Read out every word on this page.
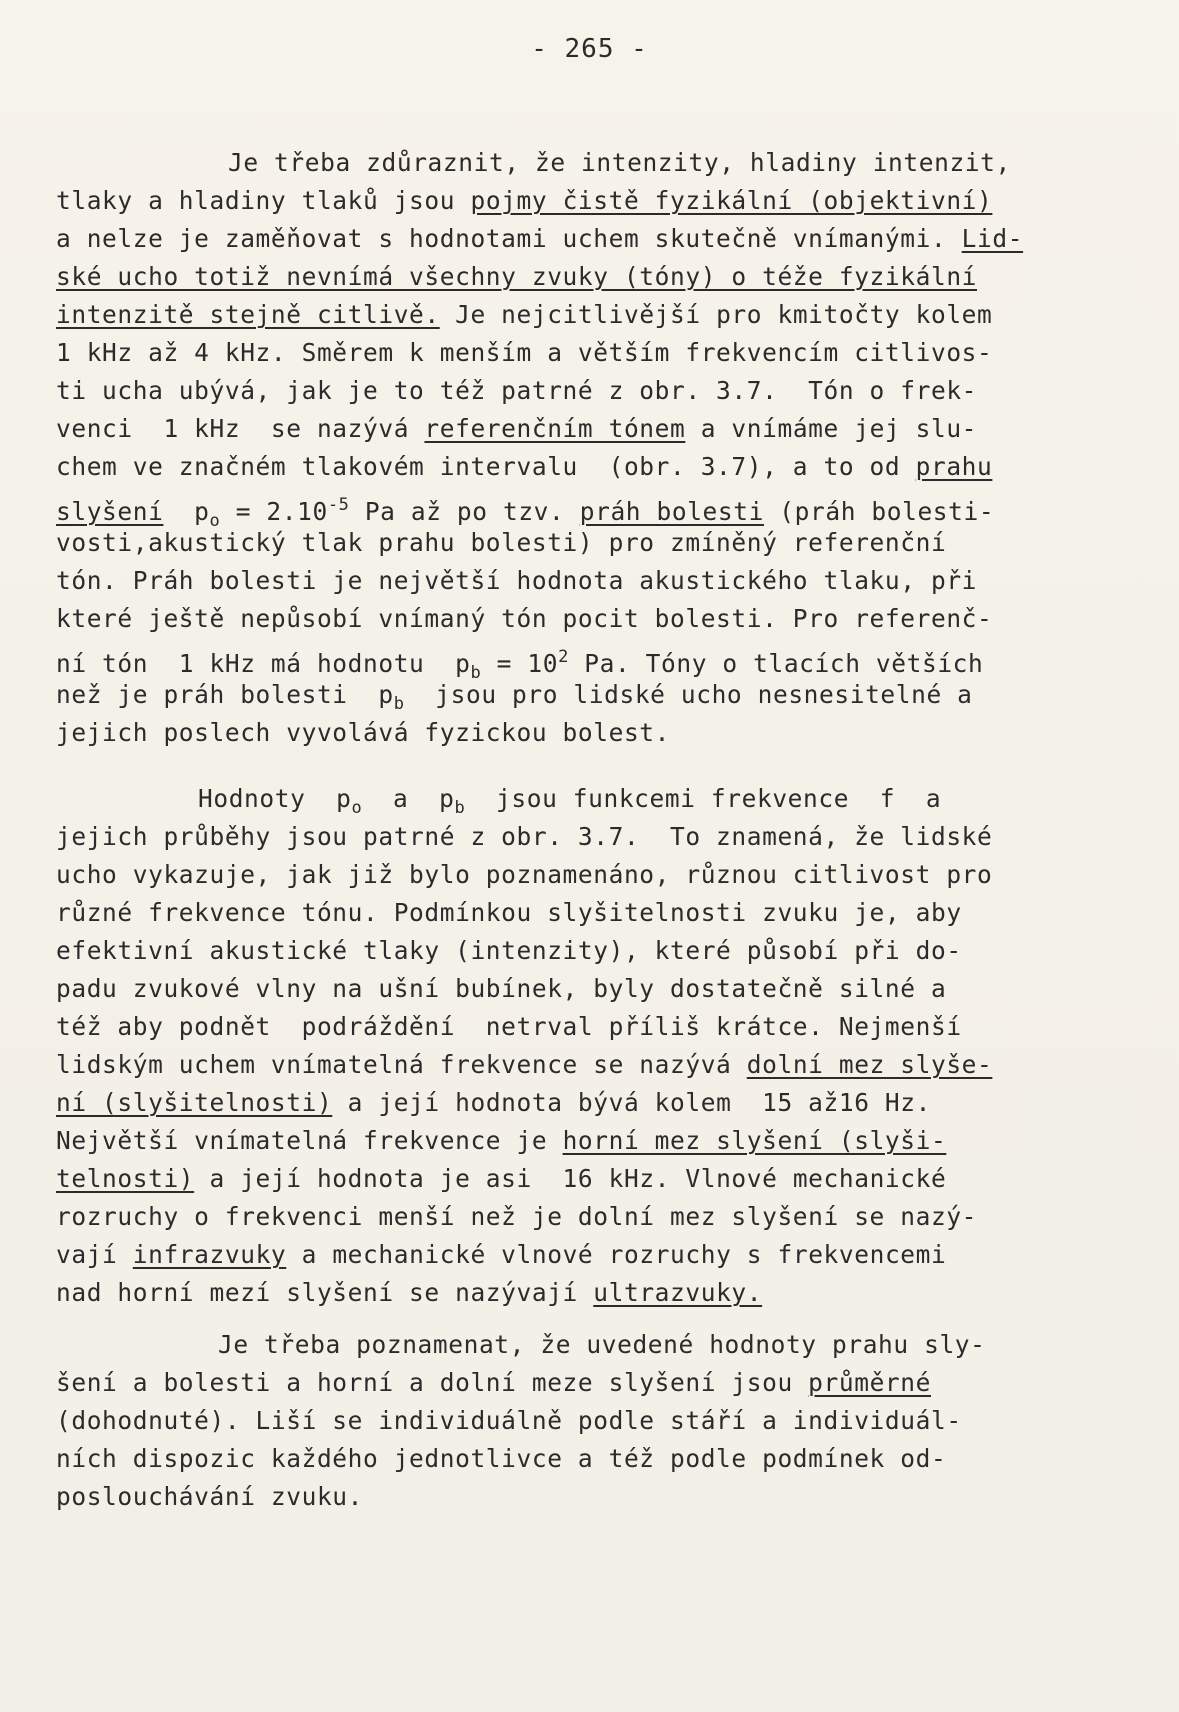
- 265 -
Je třeba zdůraznit, že intenzity, hladiny intenzit,
tlaky a hladiny tlaků jsou pojmy čistě fyzikální (objektivní)
a nelze je zaměňovat s hodnotami uchem skutečně vnímanými. Lid-
ské ucho totiž nevnímá všechny zvuky (tóny) o téže fyzikální
intenzitě stejně citlivě. Je nejcitlivější pro kmitočty kolem
1 kHz až 4 kHz. Směrem k menším a větším frekvencím citlivos-
ti ucha ubývá, jak je to též patrné z obr. 3.7.  Tón o frek-
venci  1 kHz  se nazývá referenčním tónem a vnímáme jej slu-
chem ve značném tlakovém intervalu  (obr. 3.7), a to od prahu
slyšení  $p_o = 2.10^{-5}$ Pa až po tzv. práh bolesti (práh bolesti-
vosti,akustický tlak prahu bolesti) pro zmíněný referenční
tón. Práh bolesti je největší hodnota akustického tlaku, při
které ještě nepůsobí vnímaný tón pocit bolesti. Pro referenč-
ní tón  1 kHz má hodnotu  $p_b = 10^2$ Pa. Tóny o tlacích větších
než je práh bolesti  $p_b$  jsou pro lidské ucho nesnesitelné a
jejich poslech vyvolává fyzickou bolest.
Hodnoty  $p_o$  a  $p_b$  jsou funkcemi frekvence  f  a
jejich průběhy jsou patrné z obr. 3.7.  To znamená, že lidské
ucho vykazuje, jak již bylo poznamenáno, různou citlivost pro
různé frekvence tónu. Podmínkou slyšitelnosti zvuku je, aby
efektivní akustické tlaky (intenzity), které působí při do-
padu zvukové vlny na ušní bubínek, byly dostatečně silné a
též aby podnět  podráždění  netrval příliš krátce. Nejmenší
lidským uchem vnímatelná frekvence se nazývá dolní mez slyše-
ní (slyšitelnosti) a její hodnota bývá kolem  15 až16 Hz.
Největší vnímatelná frekvence je horní mez slyšení (slyši-
telnosti) a její hodnota je asi  16 kHz. Vlnové mechanické
rozruchy o frekvenci menší než je dolní mez slyšení se nazý-
vají infrazvuky a mechanické vlnové rozruchy s frekvencemi
nad horní mezí slyšení se nazývají ultrazvuky.
Je třeba poznamenat, že uvedené hodnoty prahu sly-
šení a bolesti a horní a dolní meze slyšení jsou průměrné
(dohodnuté). Liší se individuálně podle stáří a individuál-
ních dispozic každého jednotlivce a též podle podmínek od-
poslouchávání zvuku.
